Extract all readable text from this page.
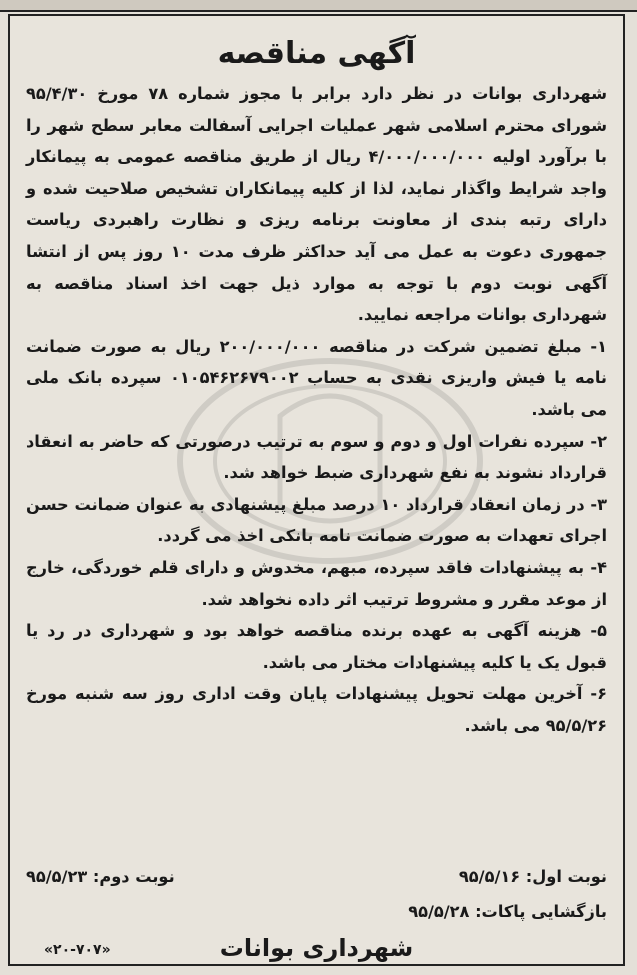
آگهی مناقصه

شهرداری بوانات در نظر دارد برابر با مجوز شماره ۷۸ مورخ ۹۵/۴/۳۰ شورای محترم اسلامی شهر عملیات اجرایی آسفالت معابر سطح شهر را با برآورد اولیه ۴/۰۰۰/۰۰۰/۰۰۰ ریال از طریق مناقصه عمومی به پیمانکار واجد شرایط واگذار نماید، لذا از کلیه پیمانکاران تشخیص صلاحیت شده و دارای رتبه بندی از معاونت برنامه ریزی و نظارت راهبردی ریاست جمهوری دعوت به عمل می آید حداکثر ظرف مدت ۱۰ روز پس از انتشا آگهی نوبت دوم با توجه به موارد ذیل جهت اخذ اسناد مناقصه به شهرداری بوانات مراجعه نمایید.

۱- مبلغ تضمین شرکت در مناقصه ۲۰۰/۰۰۰/۰۰۰ ریال به صورت ضمانت نامه یا فیش واریزی نقدی به حساب ۰۱۰۵۴۶۲۶۷۹۰۰۲ سپرده بانک ملی می باشد.

۲- سپرده نفرات اول و دوم و سوم به ترتیب درصورتی که حاضر به انعقاد قرارداد نشوند به نفع شهرداری ضبط خواهد شد.

۳- در زمان انعقاد قرارداد ۱۰ درصد مبلغ پیشنهادی به عنوان ضمانت حسن اجرای تعهدات به صورت ضمانت نامه بانکی اخذ می گردد.

۴- به پیشنهادات فاقد سپرده، مبهم، مخدوش و دارای قلم خوردگی، خارج از موعد مقرر و مشروط ترتیب اثر داده نخواهد شد.

۵- هزینه آگهی به عهده برنده مناقصه خواهد بود و شهرداری در رد یا قبول یک یا کلیه پیشنهادات مختار می باشد.

۶- آخرین مهلت تحویل پیشنهادات پایان وقت اداری روز سه شنبه مورخ ۹۵/۵/۲۶ می باشد.

نوبت اول: ۹۵/۵/۱۶
نوبت دوم: ۹۵/۵/۲۳
بازگشایی پاکات: ۹۵/۵/۲۸
شهرداری بوانات
«۲۰-۷۰۷»
